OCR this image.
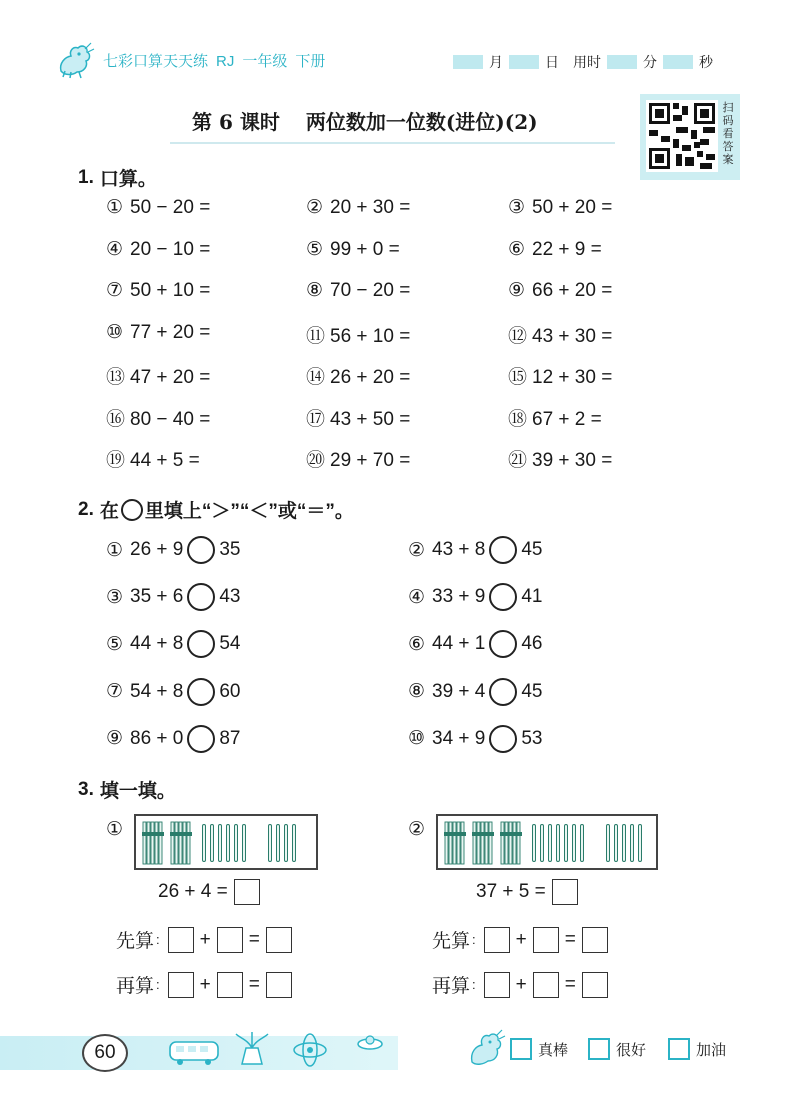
七彩口算天天练 RJ 一年级 下册	月	日 用时	分	秒
第 6 课时 两位数加一位数(进位)(2)
扫
码
看
答
案
1. 口算。
① 50 − 20 =	② 20 + 30 =	③ 50 + 20 =
④ 20 − 10 =	⑤ 99 + 0 =	⑥ 22 + 9 =
⑦ 50 + 10 =	⑧ 70 − 20 =	⑨ 66 + 20 =
⑩ 77 + 20 =	⑪ 56 + 10 =	⑫ 43 + 30 =
⑬ 47 + 20 =	⑭ 26 + 20 =	⑮ 12 + 30 =
⑯ 80 − 40 =	⑰ 43 + 50 =	⑱ 67 + 2 =
⑲ 44 + 5 =	⑳ 29 + 70 =	㉑ 39 + 30 =
2. 在 里填上“＞”“＜”或“＝”。
① 26 + 9 35	② 43 + 8 45
③ 35 + 6 43	④ 33 + 9 41
⑤ 44 + 8 54	⑥ 44 + 1 46
⑦ 54 + 8 60	⑧ 39 + 4 45
⑨ 86 + 0 87	⑩ 34 + 9 53
3. 填一填。
①
26 + 4 =
先算 : + =
再算 : + =
②
37 + 5 =
先算 : + =
再算 : + =
60	真棒	很好	加油
